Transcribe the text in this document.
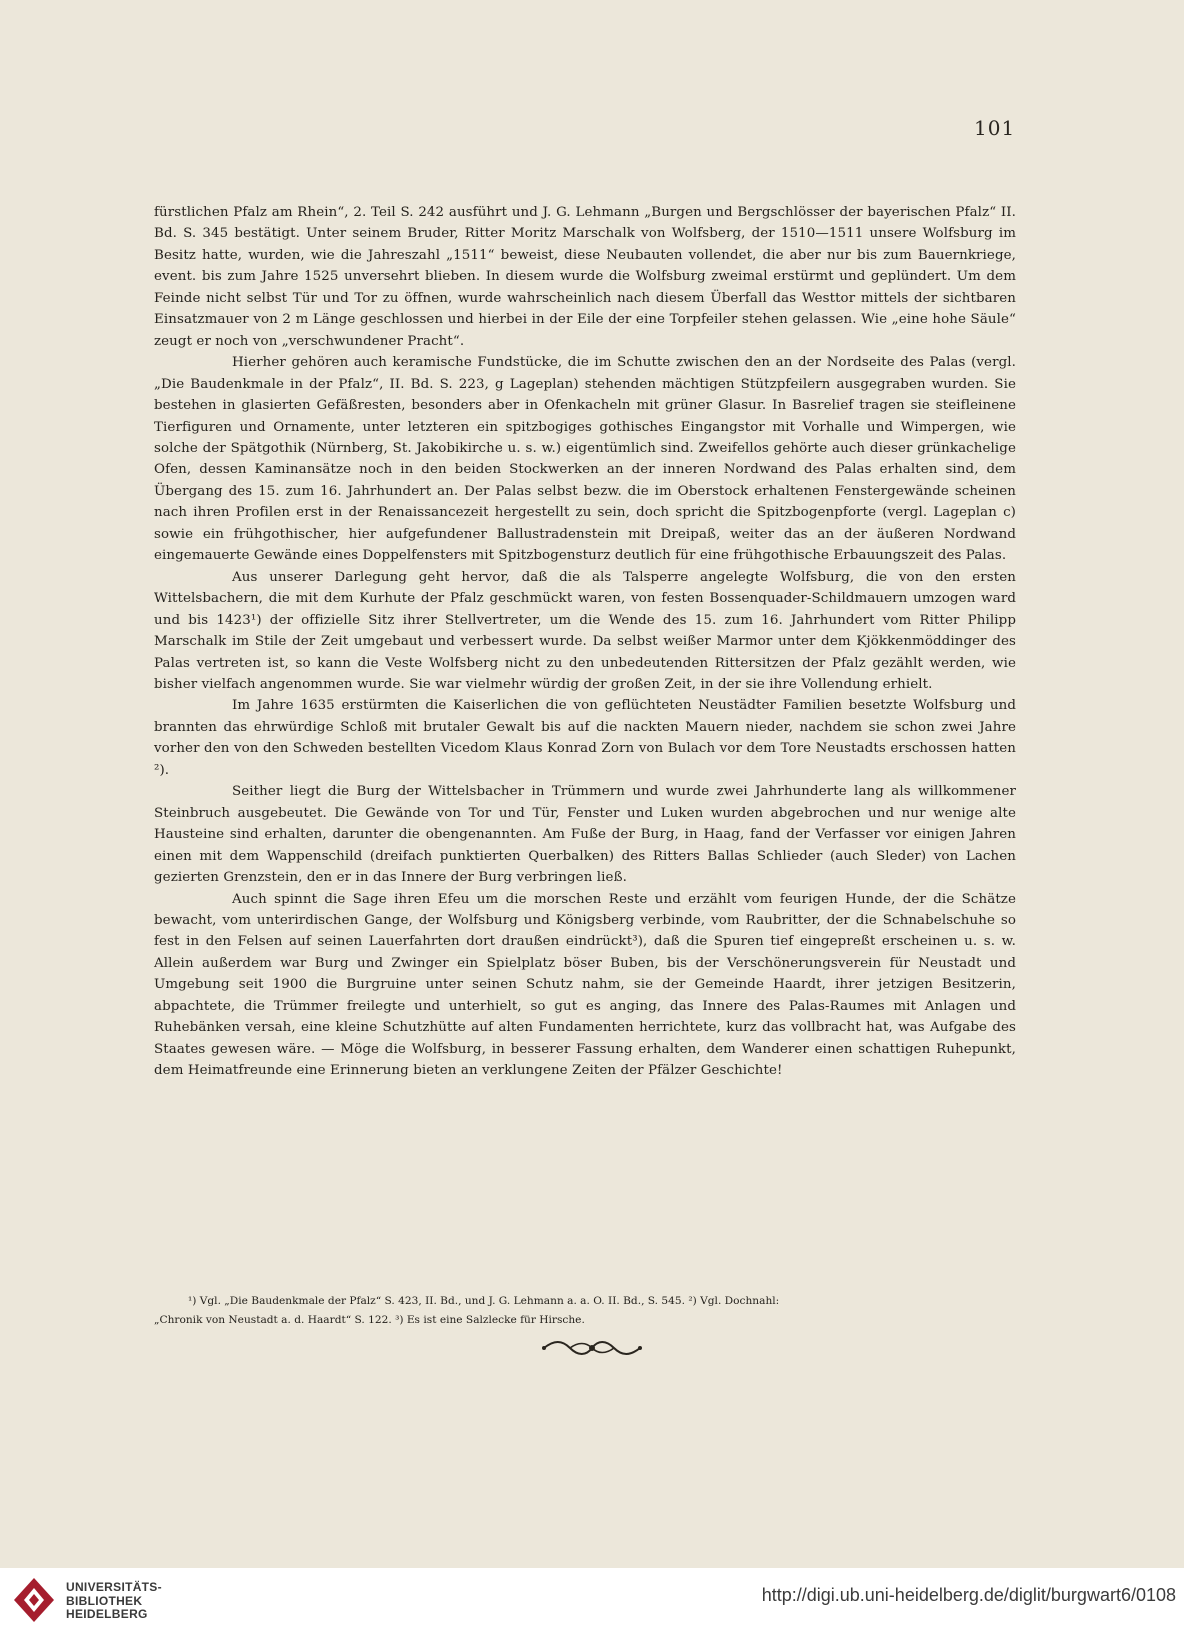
101

fürstlichen Pfalz am Rhein“, 2. Teil S. 242 ausführt und J. G. Lehmann „Burgen und Bergschlösser der bayerischen Pfalz“ II. Bd. S. 345 bestätigt. Unter seinem Bruder, Ritter Moritz Marschalk von Wolfsberg, der 1510—1511 unsere Wolfsburg im Besitz hatte, wurden, wie die Jahreszahl „1511“ beweist, diese Neubauten vollendet, die aber nur bis zum Bauernkriege, event. bis zum Jahre 1525 unversehrt blieben. In diesem wurde die Wolfsburg zweimal erstürmt und geplündert. Um dem Feinde nicht selbst Tür und Tor zu öffnen, wurde wahrscheinlich nach diesem Überfall das Westtor mittels der sichtbaren Einsatzmauer von 2 m Länge geschlossen und hierbei in der Eile der eine Torpfeiler stehen gelassen. Wie „eine hohe Säule“ zeugt er noch von „verschwundener Pracht“.

Hierher gehören auch keramische Fundstücke, die im Schutte zwischen den an der Nordseite des Palas (vergl. „Die Baudenkmale in der Pfalz“, II. Bd. S. 223, g Lageplan) stehenden mächtigen Stützpfeilern ausgegraben wurden. Sie bestehen in glasierten Gefäßresten, besonders aber in Ofenkacheln mit grüner Glasur. In Basrelief tragen sie steifleinene Tierfiguren und Ornamente, unter letzteren ein spitzbogiges gothisches Eingangstor mit Vorhalle und Wimpergen, wie solche der Spätgothik (Nürnberg, St. Jakobikirche u. s. w.) eigentümlich sind. Zweifellos gehörte auch dieser grünkachelige Ofen, dessen Kaminansätze noch in den beiden Stockwerken an der inneren Nordwand des Palas erhalten sind, dem Übergang des 15. zum 16. Jahrhundert an. Der Palas selbst bezw. die im Oberstock erhaltenen Fenstergewände scheinen nach ihren Profilen erst in der Renaissancezeit hergestellt zu sein, doch spricht die Spitzbogenpforte (vergl. Lageplan c) sowie ein frühgothischer, hier aufgefundener Ballustradenstein mit Dreipaß, weiter das an der äußeren Nordwand eingemauerte Gewände eines Doppelfensters mit Spitzbogensturz deutlich für eine frühgothische Erbauungszeit des Palas.

Aus unserer Darlegung geht hervor, daß die als Talsperre angelegte Wolfsburg, die von den ersten Wittelsbachern, die mit dem Kurhute der Pfalz geschmückt waren, von festen Bossenquader-Schildmauern umzogen ward und bis 1423¹) der offizielle Sitz ihrer Stellvertreter, um die Wende des 15. zum 16. Jahrhundert vom Ritter Philipp Marschalk im Stile der Zeit umgebaut und verbessert wurde. Da selbst weißer Marmor unter dem Kjökkenmöddinger des Palas vertreten ist, so kann die Veste Wolfsberg nicht zu den unbedeutenden Rittersitzen der Pfalz gezählt werden, wie bisher vielfach angenommen wurde. Sie war vielmehr würdig der großen Zeit, in der sie ihre Vollendung erhielt.

Im Jahre 1635 erstürmten die Kaiserlichen die von geflüchteten Neustädter Familien besetzte Wolfsburg und brannten das ehrwürdige Schloß mit brutaler Gewalt bis auf die nackten Mauern nieder, nachdem sie schon zwei Jahre vorher den von den Schweden bestellten Vicedom Klaus Konrad Zorn von Bulach vor dem Tore Neustadts erschossen hatten ²).

Seither liegt die Burg der Wittelsbacher in Trümmern und wurde zwei Jahrhunderte lang als willkommener Steinbruch ausgebeutet. Die Gewände von Tor und Tür, Fenster und Luken wurden abgebrochen und nur wenige alte Hausteine sind erhalten, darunter die obengenannten. Am Fuße der Burg, in Haag, fand der Verfasser vor einigen Jahren einen mit dem Wappenschild (dreifach punktierten Querbalken) des Ritters Ballas Schlieder (auch Sleder) von Lachen gezierten Grenzstein, den er in das Innere der Burg verbringen ließ.

Auch spinnt die Sage ihren Efeu um die morschen Reste und erzählt vom feurigen Hunde, der die Schätze bewacht, vom unterirdischen Gange, der Wolfsburg und Königsberg verbinde, vom Raubritter, der die Schnabelschuhe so fest in den Felsen auf seinen Lauerfahrten dort draußen eindrückt³), daß die Spuren tief eingepreßt erscheinen u. s. w. Allein außerdem war Burg und Zwinger ein Spielplatz böser Buben, bis der Verschönerungsverein für Neustadt und Umgebung seit 1900 die Burgruine unter seinen Schutz nahm, sie der Gemeinde Haardt, ihrer jetzigen Besitzerin, abpachtete, die Trümmer freilegte und unterhielt, so gut es anging, das Innere des Palas-Raumes mit Anlagen und Ruhebänken versah, eine kleine Schutzhütte auf alten Fundamenten herrichtete, kurz das vollbracht hat, was Aufgabe des Staates gewesen wäre. — Möge die Wolfsburg, in besserer Fassung erhalten, dem Wanderer einen schattigen Ruhepunkt, dem Heimatfreunde eine Erinnerung bieten an verklungene Zeiten der Pfälzer Geschichte!

¹) Vgl. „Die Baudenkmale der Pfalz“ S. 423, II. Bd., und J. G. Lehmann a. a. O. II. Bd., S. 545. ²) Vgl. Dochnahl:
„Chronik von Neustadt a. d. Haardt“ S. 122. ³) Es ist eine Salzlecke für Hirsche.
UNIVERSITÄTS-
BIBLIOTHEK
HEIDELBERG
http://digi.ub.uni-heidelberg.de/diglit/burgwart6/0108
